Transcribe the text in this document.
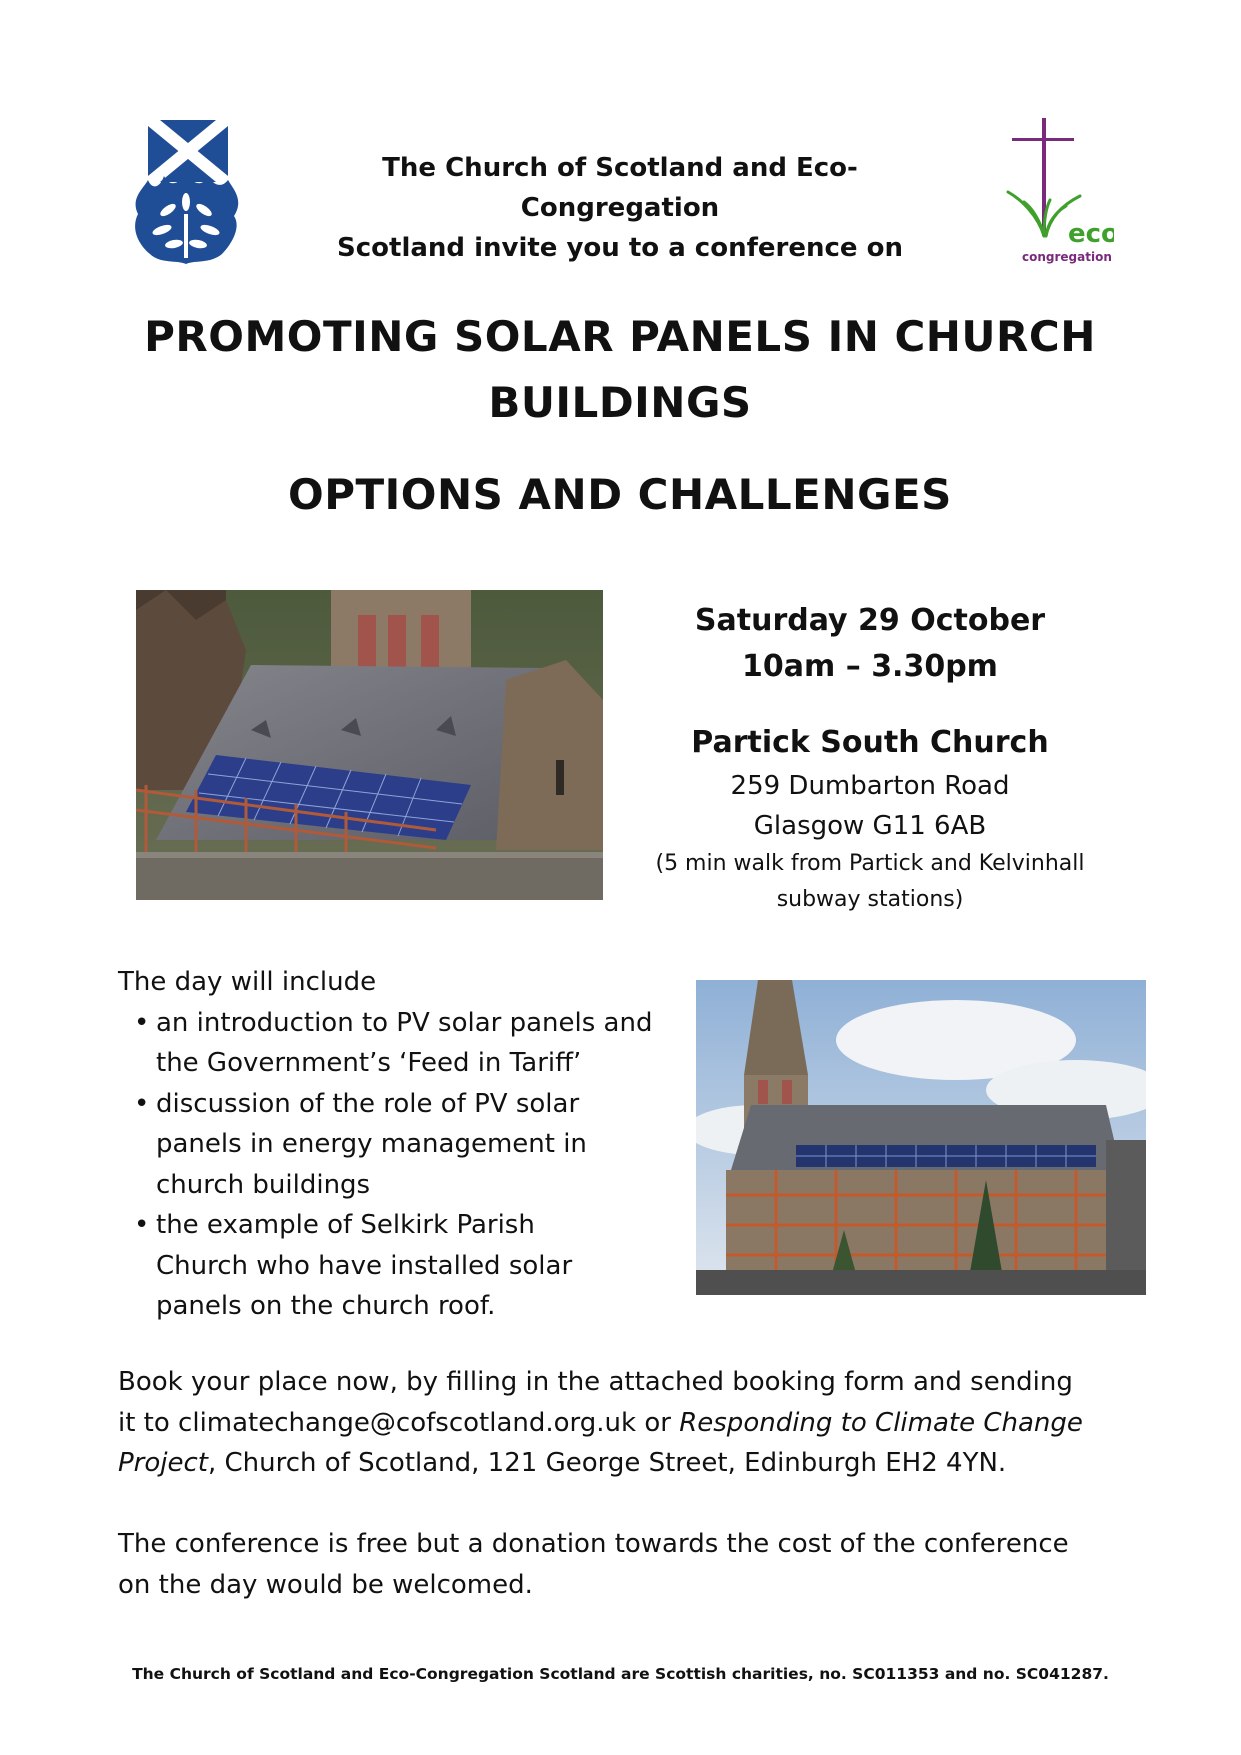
The Church of Scotland and Eco-Congregation
Scotland invite you to a conference on	eco
congregation
PROMOTING SOLAR PANELS IN CHURCH
BUILDINGS
OPTIONS AND CHALLENGES
Saturday 29 October
10am – 3.30pm
Partick South Church
259 Dumbarton Road
Glasgow G11 6AB
(5 min walk from Partick and Kelvinhall
subway stations)
The day will include
• an introduction to PV solar panels and
the Government’s ‘Feed in Tariff’
• discussion of the role of PV solar
panels in energy management in
church buildings
• the example of Selkirk Parish
Church who have installed solar
panels on the church roof.
Book your place now, by filling in the attached booking form and sending
it to climatechange@cofscotland.org.uk or Responding to Climate Change
Project, Church of Scotland, 121 George Street, Edinburgh EH2 4YN.
The conference is free but a donation towards the cost of the conference
on the day would be welcomed.
The Church of Scotland and Eco-Congregation Scotland are Scottish charities, no. SC011353 and no. SC041287.
